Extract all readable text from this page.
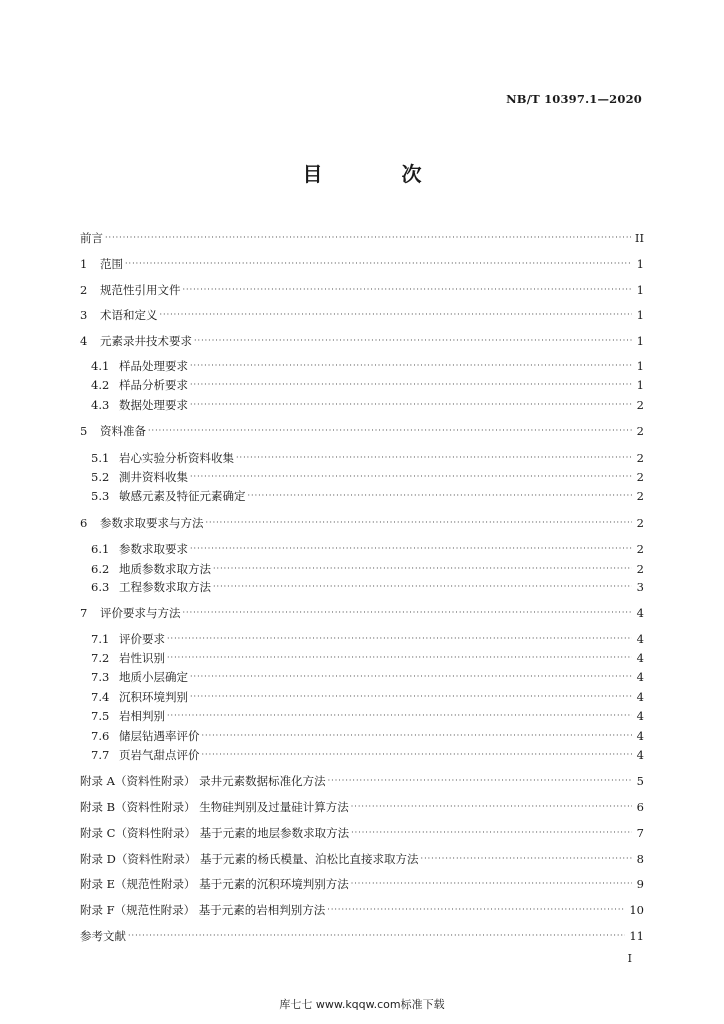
NB/T 10397.1—2020
目 次
前言 ·····	II
1 范围 ·····	1
2 规范性引用文件 ·····	1
3 术语和定义 ·····	1
4 元素录井技术要求 ·····	1
4.1 样品处理要求 ·····	1
4.2 样品分析要求 ·····	1
4.3 数据处理要求 ·····	2
5 资料准备 ·····	2
5.1 岩心实验分析资料收集 ·····	2
5.2 測井资料收集 ·····	2
5.3 敏感元素及特征元素确定 ·····	2
6 参数求取要求与方法 ·····	2
6.1 参数求取要求 ·····	2
6.2 地质参数求取方法 ·····	2
6.3 工程参数求取方法 ·····	3
7 评价要求与方法 ·····	4
7.1 评价要求 ·····	4
7.2 岩性识别 ·····	4
7.3 地质小层确定 ·····	4
7.4 沉积环境判别 ·····	4
7.5 岩相判别 ·····	4
7.6 储层钻遇率评价 ·····	4
7.7 页岩气甜点评价 ·····	4
附录 A（资料性附录） 录井元素数据标准化方法 ·····	5
附录 B（资料性附录） 生物硅判别及过量硅计算方法 ·····	6
附录 C（资料性附录） 基于元素的地层参数求取方法 ·····	7
附录 D（资料性附录） 基于元素的杨氏模量、泊松比直接求取方法 ·····	8
附录 E（规范性附录） 基于元素的沉积环境判别方法 ·····	9
附录 F（规范性附录） 基于元素的岩相判别方法 ·····	10
参考文献 ·····	11
I
库七七 www.kqqw.com标准下载
